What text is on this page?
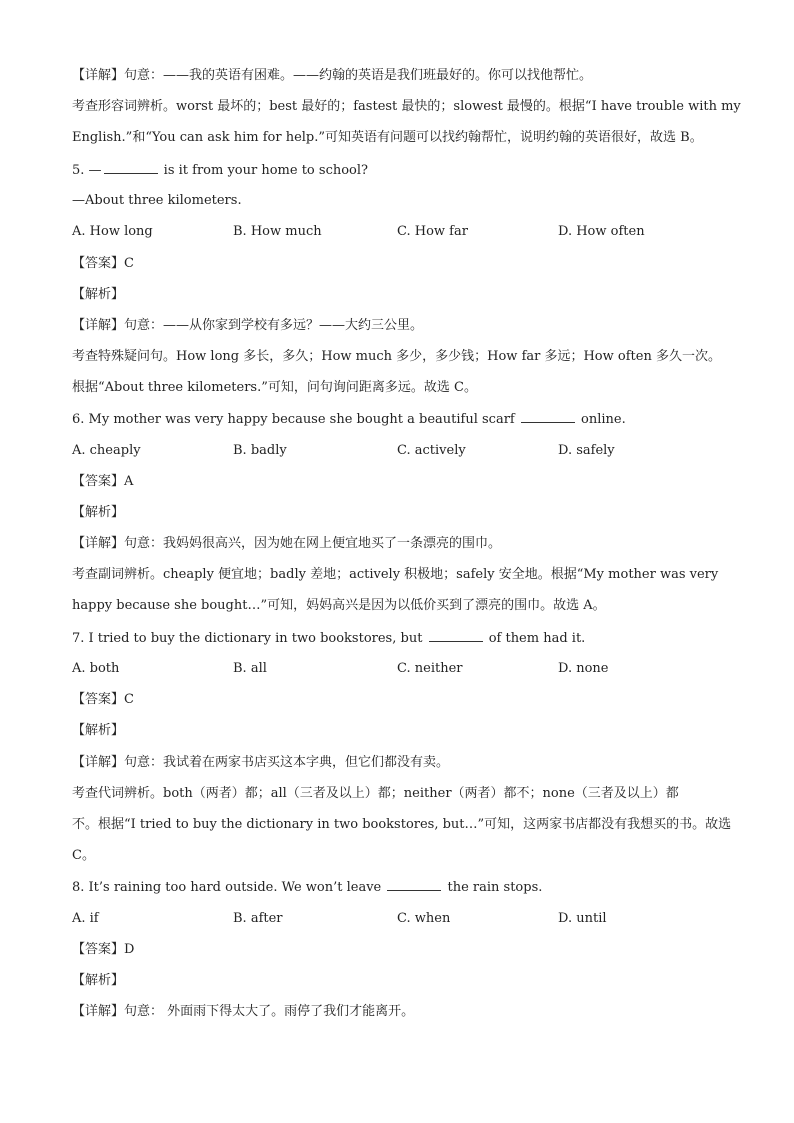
【详解】句意：——我的英语有困难。——约翰的英语是我们班最好的。你可以找他帮忙。
考查形容词辨析。worst 最坏的；best 最好的；fastest 最快的；slowest 最慢的。根据“I have trouble with my
English.”和“You can ask him for help.”可知英语有问题可以找约翰帮忙，说明约翰的英语很好，故选 B。
5. —	is it from your home to school?
—About three kilometers.
A. How long	B. How much	C. How far	D. How often
【答案】C
【解析】
【详解】句意：——从你家到学校有多远？——大约三公里。
考查特殊疑问句。How long 多长，多久；How much 多少，多少钱；How far 多远；How often 多久一次。
根据“About three kilometers.”可知，问句询问距离多远。故选 C。
6. My mother was very happy because she bought a beautiful scarf	online.
A. cheaply	B. badly	C. actively	D. safely
【答案】A
【解析】
【详解】句意：我妈妈很高兴，因为她在网上便宜地买了一条漂亮的围巾。
考查副词辨析。cheaply 便宜地；badly 差地；actively 积极地；safely 安全地。根据“My mother was very
happy because she bought…”可知，妈妈高兴是因为以低价买到了漂亮的围巾。故选 A。
7. I tried to buy the dictionary in two bookstores, but	of them had it.
A. both	B. all	C. neither	D. none
【答案】C
【解析】
【详解】句意：我试着在两家书店买这本字典，但它们都没有卖。
考查代词辨析。both（两者）都；all（三者及以上）都；neither（两者）都不；none（三者及以上）都
不。根据“I tried to buy the dictionary in two bookstores, but…”可知，这两家书店都没有我想买的书。故选
C。
8. It’s raining too hard outside. We won’t leave	the rain stops.
A. if	B. after	C. when	D. until
【答案】D
【解析】
【详解】句意： 外面雨下得太大了。雨停了我们才能离开。
